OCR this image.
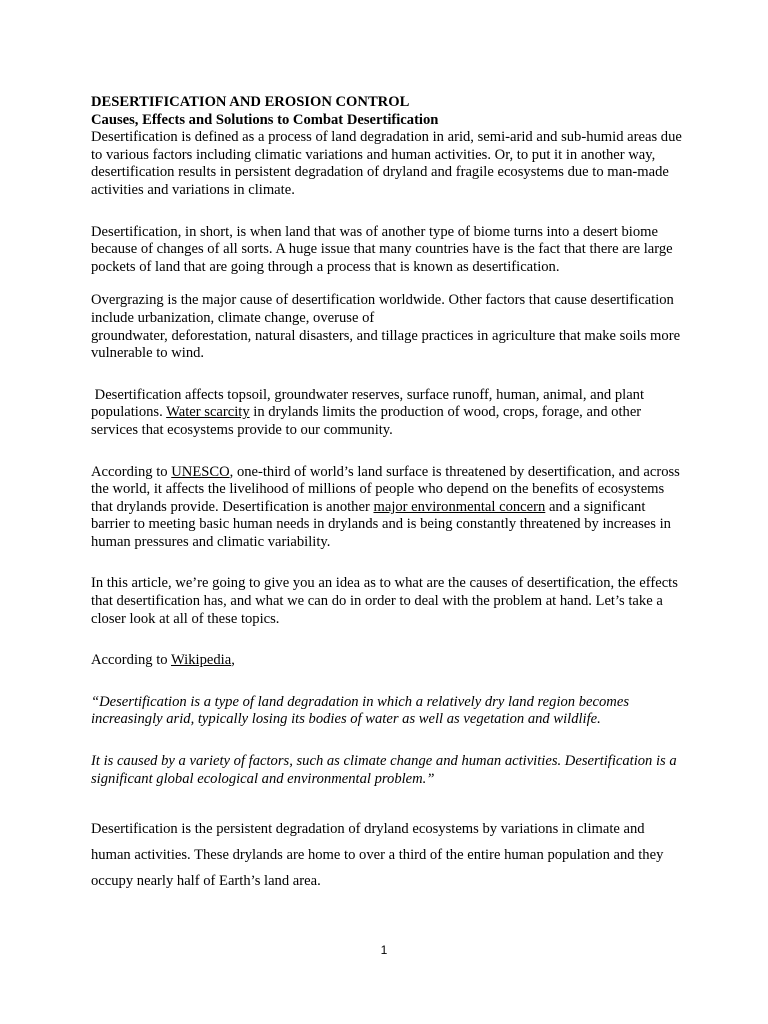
DESERTIFICATION AND EROSION CONTROL

Causes, Effects and Solutions to Combat Desertification

Desertification is defined as a process of land degradation in arid, semi-arid and sub-humid areas due to various factors including climatic variations and human activities. Or, to put it in another way, desertification results in persistent degradation of dryland and fragile ecosystems due to man-made activities and variations in climate.

Desertification, in short, is when land that was of another type of biome turns into a desert biome because of changes of all sorts. A huge issue that many countries have is the fact that there are large pockets of land that are going through a process that is known as desertification.

Overgrazing is the major cause of desertification worldwide. Other factors that cause desertification include urbanization, climate change, overuse of
groundwater, deforestation, natural disasters, and tillage practices in agriculture that make soils more vulnerable to wind.

Desertification affects topsoil, groundwater reserves, surface runoff, human, animal, and plant populations. Water scarcity in drylands limits the production of wood, crops, forage, and other services that ecosystems provide to our community.

According to UNESCO, one-third of world’s land surface is threatened by desertification, and across the world, it affects the livelihood of millions of people who depend on the benefits of ecosystems that drylands provide. Desertification is another major environmental concern and a significant barrier to meeting basic human needs in drylands and is being constantly threatened by increases in human pressures and climatic variability.

In this article, we’re going to give you an idea as to what are the causes of desertification, the effects that desertification has, and what we can do in order to deal with the problem at hand. Let’s take a closer look at all of these topics.

According to Wikipedia,

“Desertification is a type of land degradation in which a relatively dry land region becomes increasingly arid, typically losing its bodies of water as well as vegetation and wildlife.

It is caused by a variety of factors, such as climate change and human activities. Desertification is a significant global ecological and environmental problem.”

Desertification is the persistent degradation of dryland ecosystems by variations in climate and human activities. These drylands are home to over a third of the entire human population and they occupy nearly half of Earth’s land area.

1
